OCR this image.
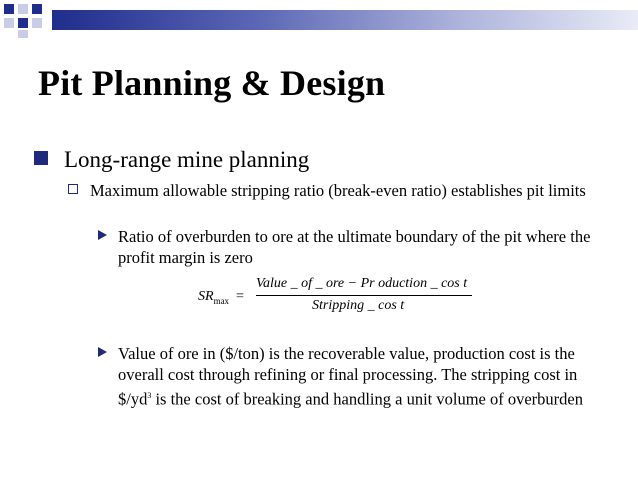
Pit Planning & Design
Long-range mine planning
Maximum allowable stripping ratio (break-even ratio) establishes pit limits
Ratio of overburden to ore at the ultimate boundary of the pit where the profit margin is zero
$SR_{max}$ =
Value _ of _ ore − Pr oduction _ cos t
Stripping _ cos t
Value of ore in ($/ton) is the recoverable value, production cost is the overall cost through refining or final processing. The stripping cost in $\$/yd^3$ is the cost of breaking and handling a unit volume of overburden
